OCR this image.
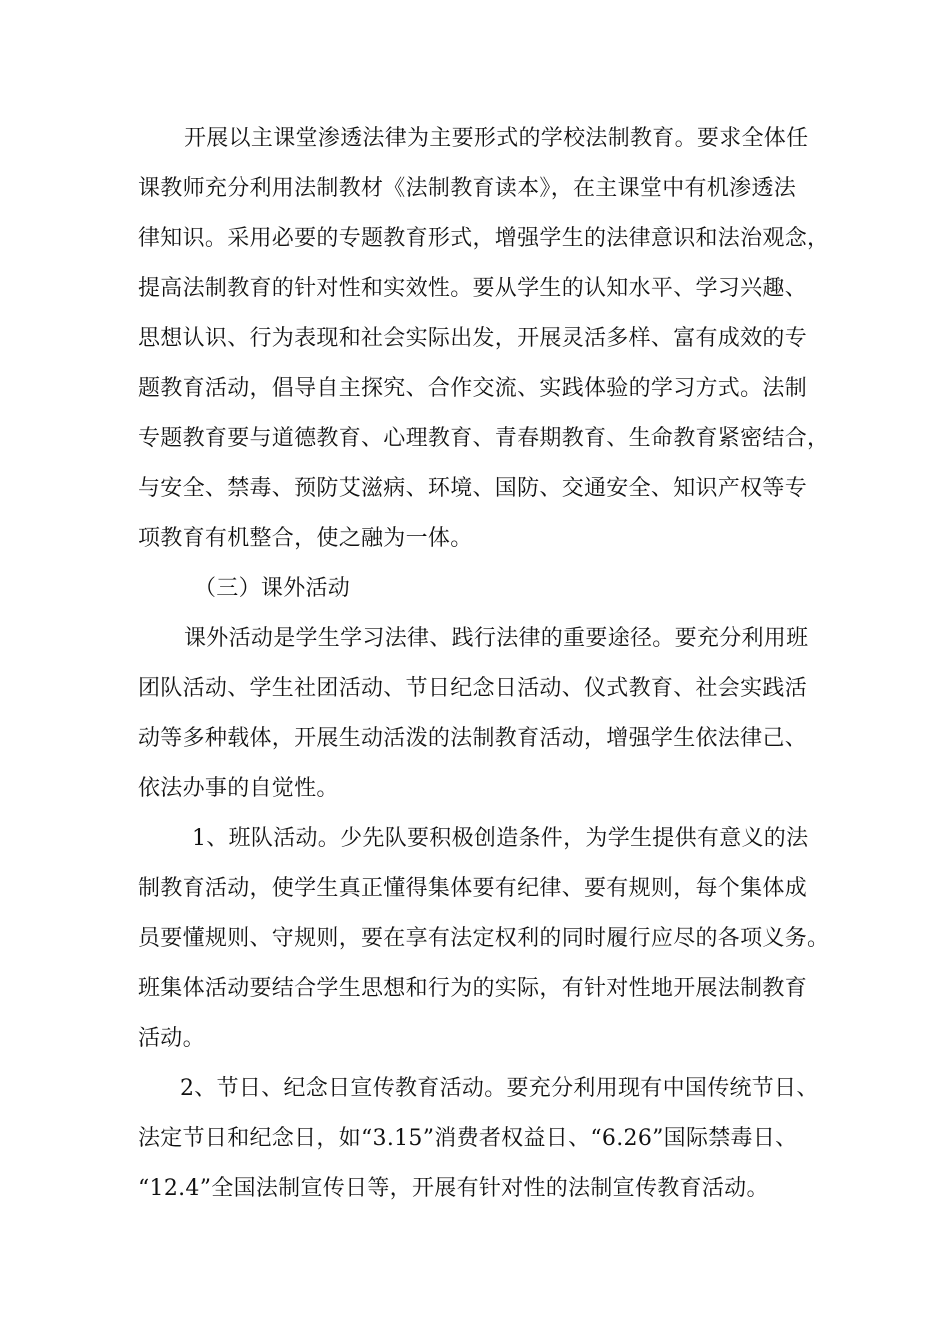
开展以主课堂渗透法律为主要形式的学校法制教育。要求全体任
课教师充分利用法制教材《法制教育读本》，在主课堂中有机渗透法
律知识。采用必要的专题教育形式，增强学生的法律意识和法治观念，
提高法制教育的针对性和实效性。要从学生的认知水平、学习兴趣、
思想认识、行为表现和社会实际出发，开展灵活多样、富有成效的专
题教育活动，倡导自主探究、合作交流、实践体验的学习方式。法制
专题教育要与道德教育、心理教育、青春期教育、生命教育紧密结合，
与安全、禁毒、预防艾滋病、环境、国防、交通安全、知识产权等专
项教育有机整合，使之融为一体。
（三）课外活动
课外活动是学生学习法律、践行法律的重要途径。要充分利用班
团队活动、学生社团活动、节日纪念日活动、仪式教育、社会实践活
动等多种载体，开展生动活泼的法制教育活动，增强学生依法律己、
依法办事的自觉性。
1、班队活动。少先队要积极创造条件，为学生提供有意义的法
制教育活动，使学生真正懂得集体要有纪律、要有规则，每个集体成
员要懂规则、守规则，要在享有法定权利的同时履行应尽的各项义务。
班集体活动要结合学生思想和行为的实际，有针对性地开展法制教育
活动。
2、节日、纪念日宣传教育活动。要充分利用现有中国传统节日、
法定节日和纪念日，如“3.15”消费者权益日、“6.26”国际禁毒日、
“12.4”全国法制宣传日等，开展有针对性的法制宣传教育活动。
